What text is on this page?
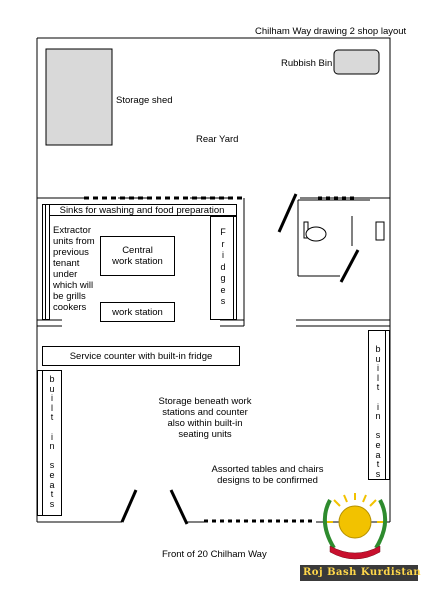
Chilham Way drawing 2 shop layout
Rubbish Bin
Storage shed
Rear Yard
Sinks for washing and food preparation
Extractor
units from
previous
tenant
under
which will
be grills
cookers
Central
work station
work station
F
r
i
d
g
e
s
Service counter with built-in fridge
b
u
i
l
t

i
n

s
e
a
t
s
b
u
i
l
t

i
n

s
e
a
t
s
Storage beneath work
stations and counter
also within built-in
seating units
Assorted tables and chairs
designs to be confirmed
Front of 20 Chilham Way
Roj Bash Kurdistan
